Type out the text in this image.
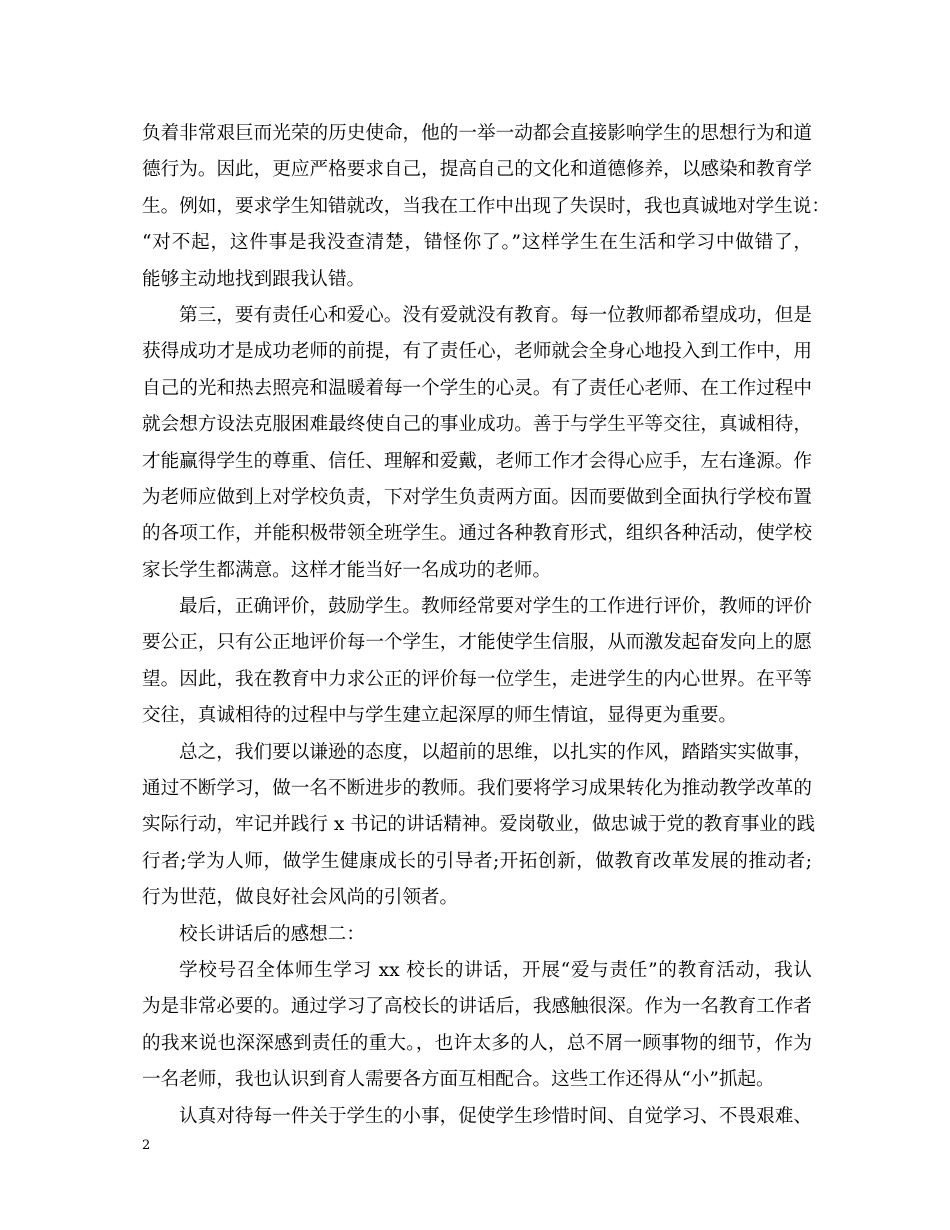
负着非常艰巨而光荣的历史使命，他的一举一动都会直接影响学生的思想行为和道
德行为。因此，更应严格要求自己，提高自己的文化和道德修养，以感染和教育学
生。例如，要求学生知错就改，当我在工作中出现了失误时，我也真诚地对学生说：
“对不起，这件事是我没查清楚，错怪你了。”这样学生在生活和学习中做错了，
能够主动地找到跟我认错。
第三，要有责任心和爱心。没有爱就没有教育。每一位教师都希望成功，但是
获得成功才是成功老师的前提，有了责任心，老师就会全身心地投入到工作中，用
自己的光和热去照亮和温暖着每一个学生的心灵。有了责任心老师、在工作过程中
就会想方设法克服困难最终使自己的事业成功。善于与学生平等交往，真诚相待，
才能赢得学生的尊重、信任、理解和爱戴，老师工作才会得心应手，左右逢源。作
为老师应做到上对学校负责，下对学生负责两方面。因而要做到全面执行学校布置
的各项工作，并能积极带领全班学生。通过各种教育形式，组织各种活动，使学校
家长学生都满意。这样才能当好一名成功的老师。
最后，正确评价，鼓励学生。教师经常要对学生的工作进行评价，教师的评价
要公正，只有公正地评价每一个学生，才能使学生信服，从而激发起奋发向上的愿
望。因此，我在教育中力求公正的评价每一位学生，走进学生的内心世界。在平等
交往，真诚相待的过程中与学生建立起深厚的师生情谊，显得更为重要。
总之，我们要以谦逊的态度，以超前的思维，以扎实的作风，踏踏实实做事，
通过不断学习，做一名不断进步的教师。我们要将学习成果转化为推动教学改革的
实际行动，牢记并践行 x 书记的讲话精神。爱岗敬业，做忠诚于党的教育事业的践
行者;学为人师，做学生健康成长的引导者;开拓创新，做教育改革发展的推动者;
行为世范，做良好社会风尚的引领者。
校长讲话后的感想二：
学校号召全体师生学习 xx 校长的讲话，开展“爱与责任”的教育活动，我认
为是非常必要的。通过学习了高校长的讲话后，我感触很深。作为一名教育工作者
的我来说也深深感到责任的重大。，也许太多的人，总不屑一顾事物的细节，作为
一名老师，我也认识到育人需要各方面互相配合。这些工作还得从“小”抓起。
认真对待每一件关于学生的小事，促使学生珍惜时间、自觉学习、不畏艰难、
2
